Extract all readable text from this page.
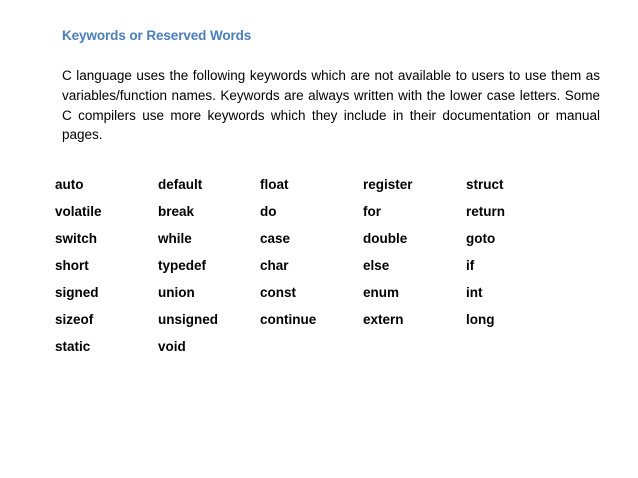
Keywords or Reserved Words

C language uses the following keywords which are not available to users to use them as variables/function names. Keywords are always written with the lower case letters. Some C compilers use more keywords which they include in their documentation or manual pages.

auto	default	float	register	struct
volatile	break	do	for	return
switch	while	case	double	goto
short	typedef	char	else	if
signed	union	const	enum	int
sizeof	unsigned	continue	extern	long
static	void			
